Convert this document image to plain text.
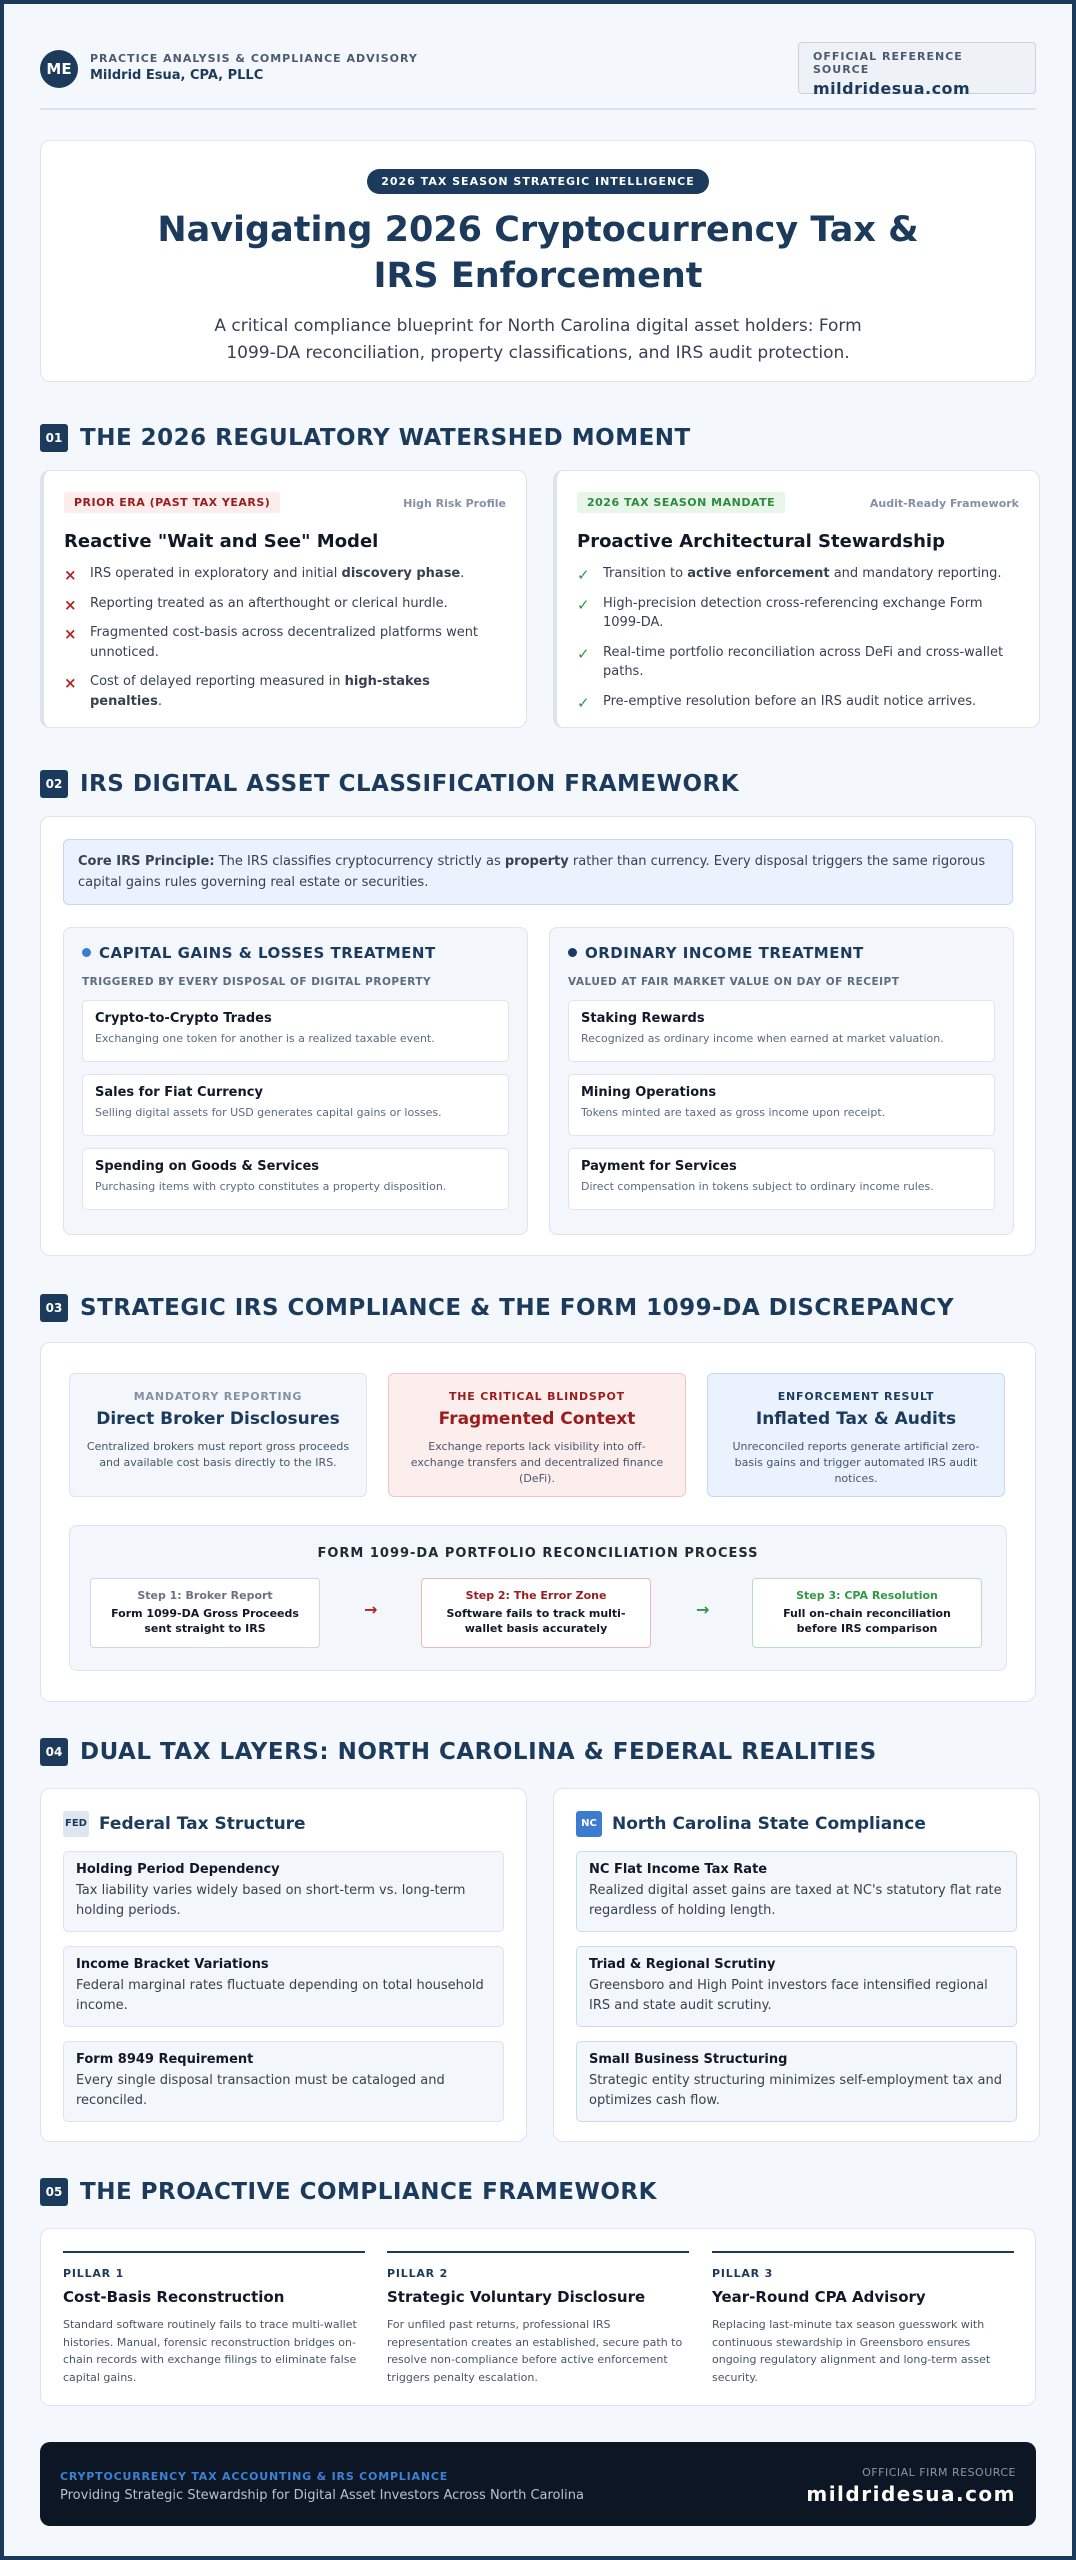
ME
PRACTICE ANALYSIS & COMPLIANCE ADVISORY
Mildrid Esua, CPA, PLLC
OFFICIAL REFERENCE SOURCE
mildridesua.com
2026 TAX SEASON STRATEGIC INTELLIGENCE
Navigating 2026 Cryptocurrency Tax & IRS Enforcement

A critical compliance blueprint for North Carolina digital asset holders: Form 1099-DA reconciliation, property classifications, and IRS audit protection.

01 THE 2026 REGULATORY WATERSHED MOMENT
PRIOR ERA (PAST TAX YEARS)	High Risk Profile
Reactive "Wait and See" Model
× IRS operated in exploratory and initial discovery phase.
× Reporting treated as an afterthought or clerical hurdle.
× Fragmented cost-basis across decentralized platforms went unnoticed.
× Cost of delayed reporting measured in high-stakes penalties.
2026 TAX SEASON MANDATE	Audit-Ready Framework
Proactive Architectural Stewardship
✓ Transition to active enforcement and mandatory reporting.
✓ High-precision detection cross-referencing exchange Form 1099-DA.
✓ Real-time portfolio reconciliation across DeFi and cross-wallet paths.
✓ Pre-emptive resolution before an IRS audit notice arrives.
02 IRS DIGITAL ASSET CLASSIFICATION FRAMEWORK
Core IRS Principle: The IRS classifies cryptocurrency strictly as property rather than currency. Every disposal triggers the same rigorous capital gains rules governing real estate or securities.
CAPITAL GAINS & LOSSES TREATMENT
TRIGGERED BY EVERY DISPOSAL OF DIGITAL PROPERTY
Crypto-to-Crypto Trades
Exchanging one token for another is a realized taxable event.
Sales for Fiat Currency
Selling digital assets for USD generates capital gains or losses.
Spending on Goods & Services
Purchasing items with crypto constitutes a property disposition.
ORDINARY INCOME TREATMENT
VALUED AT FAIR MARKET VALUE ON DAY OF RECEIPT
Staking Rewards
Recognized as ordinary income when earned at market valuation.
Mining Operations
Tokens minted are taxed as gross income upon receipt.
Payment for Services
Direct compensation in tokens subject to ordinary income rules.
03 STRATEGIC IRS COMPLIANCE & THE FORM 1099-DA DISCREPANCY
MANDATORY REPORTING
Direct Broker Disclosures
Centralized brokers must report gross proceeds and available cost basis directly to the IRS.
THE CRITICAL BLINDSPOT
Fragmented Context
Exchange reports lack visibility into off-exchange transfers and decentralized finance (DeFi).
ENFORCEMENT RESULT
Inflated Tax & Audits
Unreconciled reports generate artificial zero-basis gains and trigger automated IRS audit notices.
FORM 1099-DA PORTFOLIO RECONCILIATION PROCESS
Step 1: Broker Report
Form 1099-DA Gross Proceeds sent straight to IRS
→
Step 2: The Error Zone
Software fails to track multi-wallet basis accurately
→
Step 3: CPA Resolution
Full on-chain reconciliation before IRS comparison
04 DUAL TAX LAYERS: NORTH CAROLINA & FEDERAL REALITIES
FED Federal Tax Structure
Holding Period Dependency
Tax liability varies widely based on short-term vs. long-term holding periods.
Income Bracket Variations
Federal marginal rates fluctuate depending on total household income.
Form 8949 Requirement
Every single disposal transaction must be cataloged and reconciled.
NC North Carolina State Compliance
NC Flat Income Tax Rate
Realized digital asset gains are taxed at NC's statutory flat rate regardless of holding length.
Triad & Regional Scrutiny
Greensboro and High Point investors face intensified regional IRS and state audit scrutiny.
Small Business Structuring
Strategic entity structuring minimizes self-employment tax and optimizes cash flow.
05 THE PROACTIVE COMPLIANCE FRAMEWORK
PILLAR 1
Cost-Basis Reconstruction
Standard software routinely fails to trace multi-wallet histories. Manual, forensic reconstruction bridges on-chain records with exchange filings to eliminate false capital gains.
PILLAR 2
Strategic Voluntary Disclosure
For unfiled past returns, professional IRS representation creates an established, secure path to resolve non-compliance before active enforcement triggers penalty escalation.
PILLAR 3
Year-Round CPA Advisory
Replacing last-minute tax season guesswork with continuous stewardship in Greensboro ensures ongoing regulatory alignment and long-term asset security.
CRYPTOCURRENCY TAX ACCOUNTING & IRS COMPLIANCE
Providing Strategic Stewardship for Digital Asset Investors Across North Carolina
OFFICIAL FIRM RESOURCE
mildridesua.com
